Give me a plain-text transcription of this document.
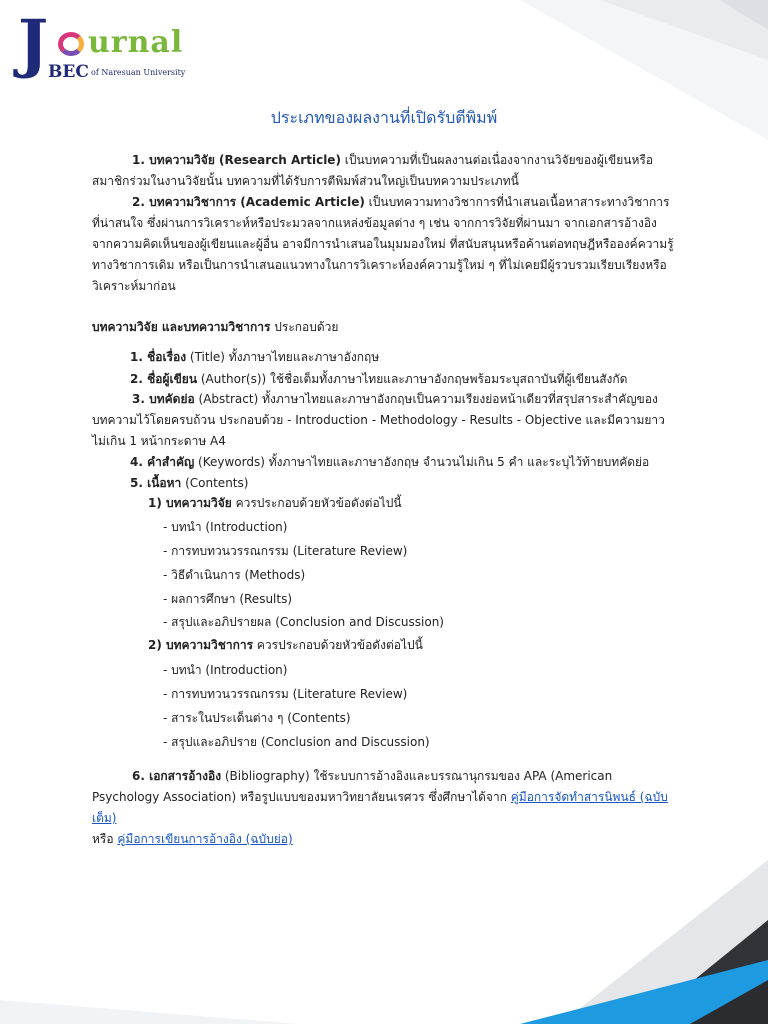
J urnal
BEC of Naresuan University
ประเภทของผลงานที่เปิดรับตีพิมพ์

1. บทความวิจัย (Research Article) เป็นบทความที่เป็นผลงานต่อเนื่องจากงานวิจัยของผู้เขียนหรือสมาชิกร่วมในงานวิจัยนั้น บทความที่ได้รับการตีพิมพ์ส่วนใหญ่เป็นบทความประเภทนี้

2. บทความวิชาการ (Academic Article) เป็นบทความทางวิชาการที่นำเสนอเนื้อหาสาระทางวิชาการที่น่าสนใจ ซึ่งผ่านการวิเคราะห์หรือประมวลจากแหล่งข้อมูลต่าง ๆ เช่น จากการวิจัยที่ผ่านมา จากเอกสารอ้างอิง จากความคิดเห็นของผู้เขียนและผู้อื่น อาจมีการนำเสนอในมุมมองใหม่ ที่สนับสนุนหรือค้านต่อทฤษฎีหรือองค์ความรู้ทางวิชาการเดิม หรือเป็นการนำเสนอแนวทางในการวิเคราะห์องค์ความรู้ใหม่ ๆ ที่ไม่เคยมีผู้รวบรวมเรียบเรียงหรือวิเคราะห์มาก่อน

บทความวิจัย และบทความวิชาการ ประกอบด้วย

1. ชื่อเรื่อง (Title) ทั้งภาษาไทยและภาษาอังกฤษ

2. ชื่อผู้เขียน (Author(s)) ใช้ชื่อเต็มทั้งภาษาไทยและภาษาอังกฤษพร้อมระบุสถาบันที่ผู้เขียนสังกัด

3. บทคัดย่อ (Abstract) ทั้งภาษาไทยและภาษาอังกฤษเป็นความเรียงย่อหน้าเดียวที่สรุปสาระสำคัญของบทความไว้โดยครบถ้วน ประกอบด้วย - Introduction - Methodology - Results - Objective และมีความยาวไม่เกิน 1 หน้ากระดาษ A4

4. คำสำคัญ (Keywords) ทั้งภาษาไทยและภาษาอังกฤษ จำนวนไม่เกิน 5 คำ และระบุไว้ท้ายบทคัดย่อ

5. เนื้อหา (Contents)

1) บทความวิจัย ควรประกอบด้วยหัวข้อดังต่อไปนี้

- บทนำ (Introduction)

- การทบทวนวรรณกรรม (Literature Review)

- วิธีดำเนินการ (Methods)

- ผลการศึกษา (Results)

- สรุปและอภิปรายผล (Conclusion and Discussion)

2) บทความวิชาการ ควรประกอบด้วยหัวข้อดังต่อไปนี้

- บทนำ (Introduction)

- การทบทวนวรรณกรรม (Literature Review)

- สาระในประเด็นต่าง ๆ (Contents)

- สรุปและอภิปราย (Conclusion and Discussion)

6. เอกสารอ้างอิง (Bibliography) ใช้ระบบการอ้างอิงและบรรณานุกรมของ APA (American Psychology Association) หรือรูปแบบของมหาวิทยาลัยนเรศวร ซึ่งศึกษาได้จาก คู่มือการจัดทำสารนิพนธ์ (ฉบับเต็ม)
หรือ คู่มือการเขียนการอ้างอิง (ฉบับย่อ)
